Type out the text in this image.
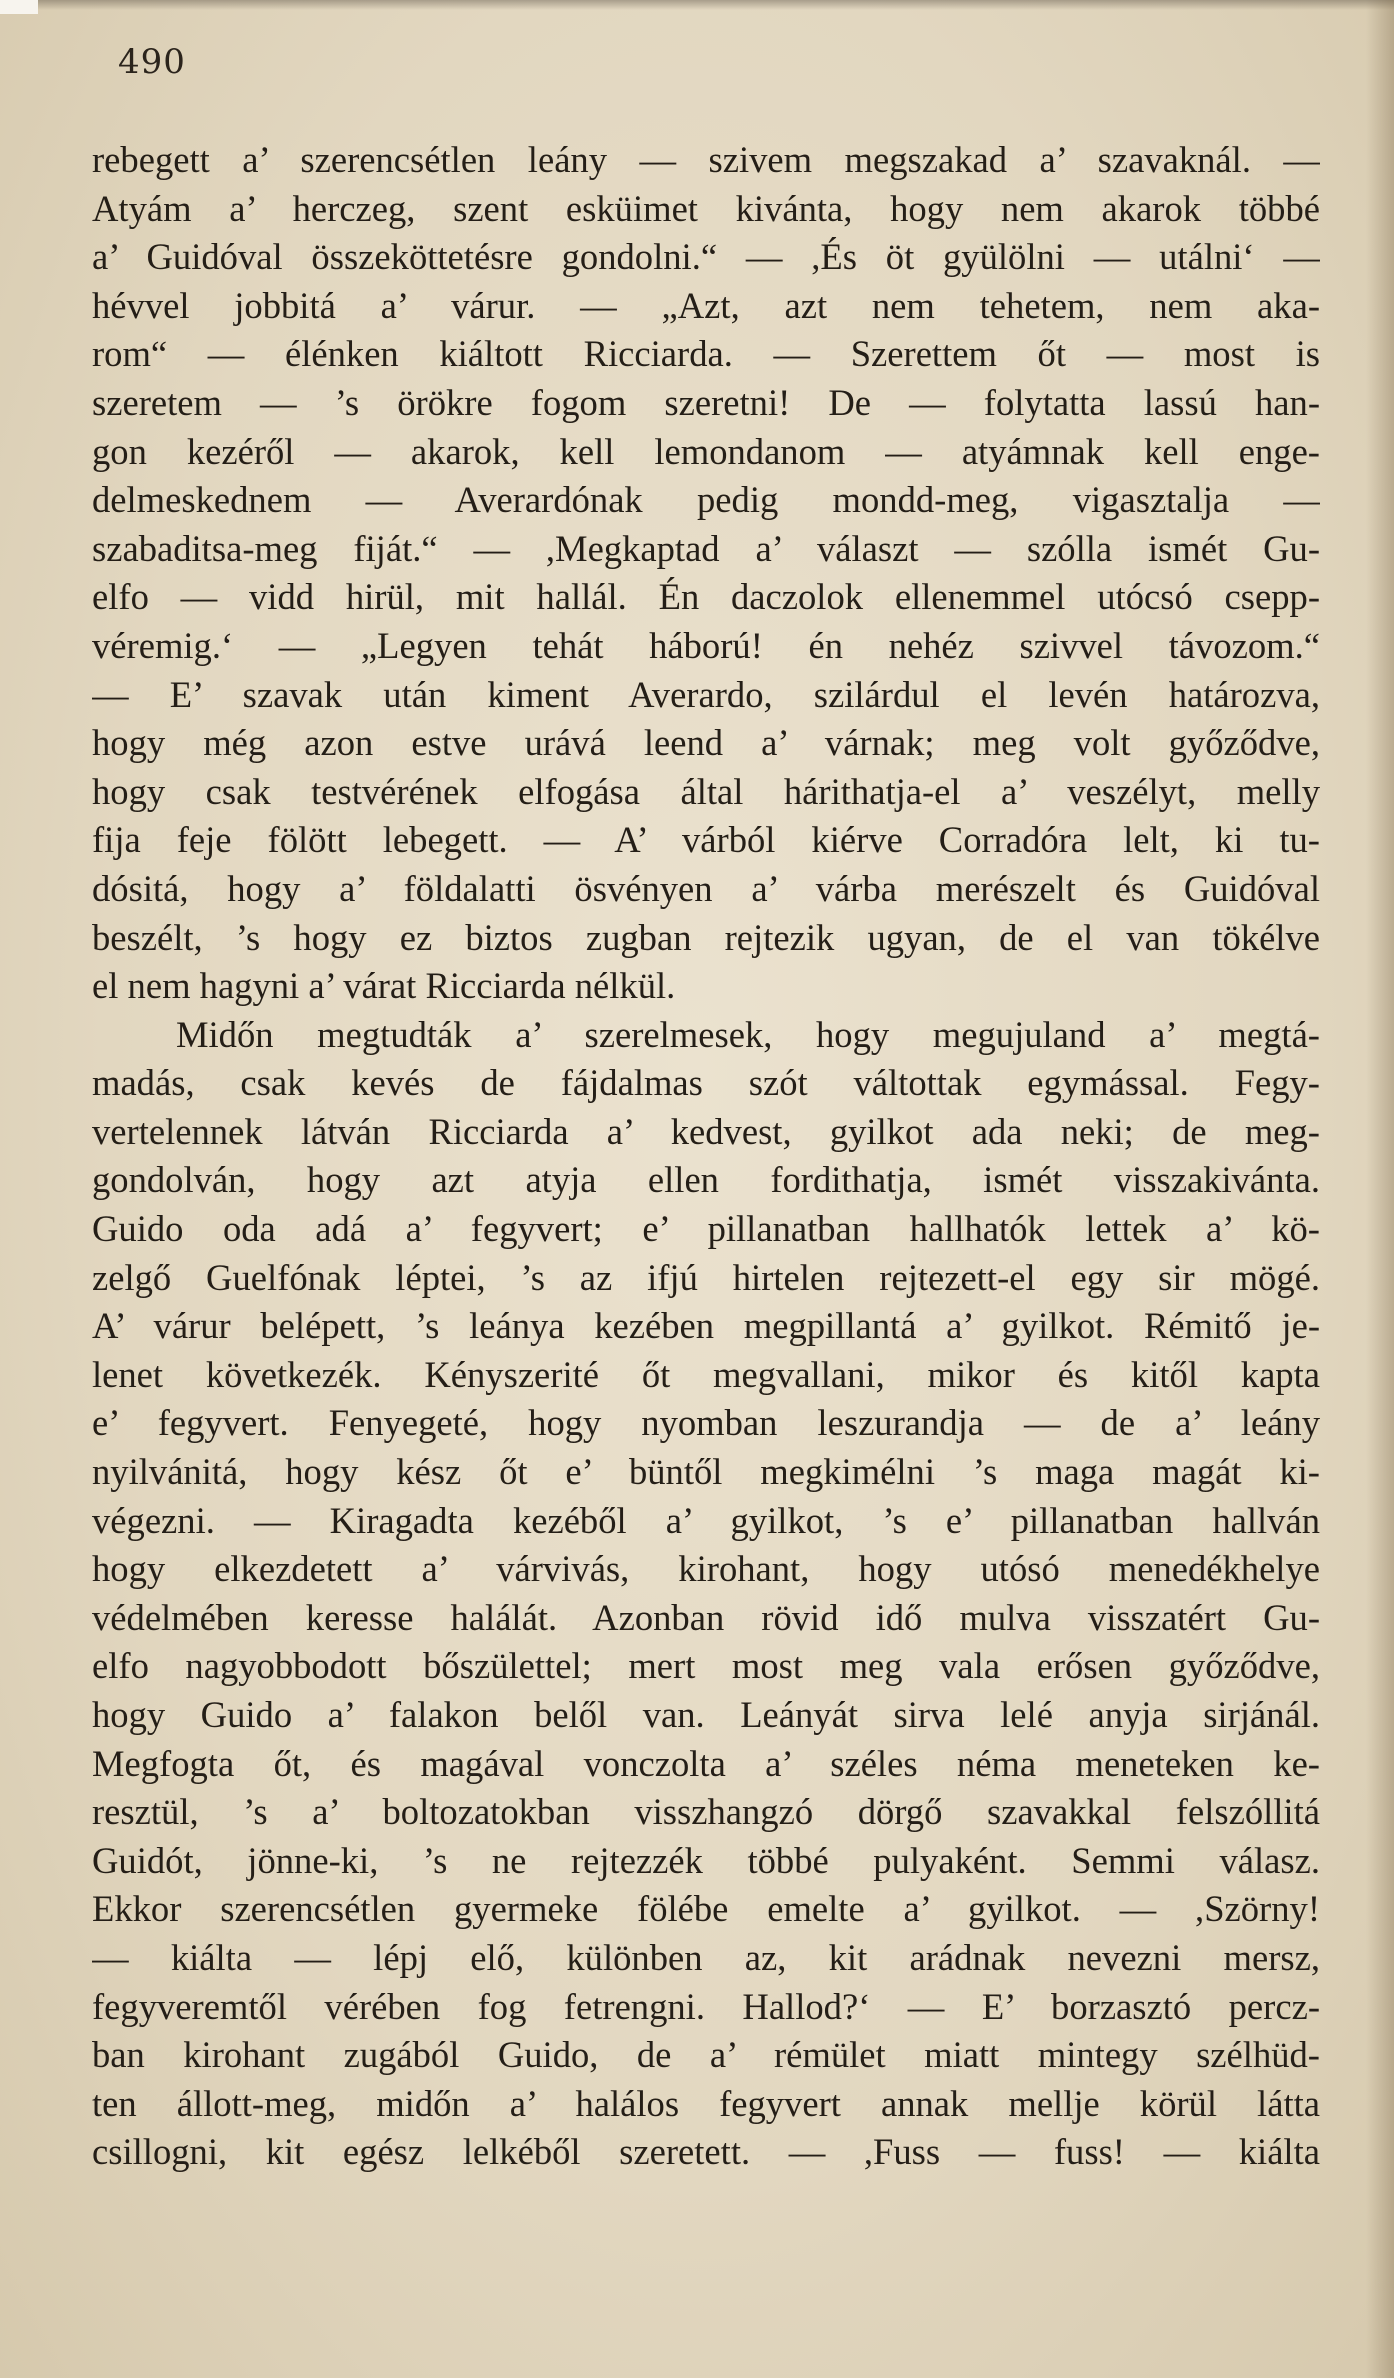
490
rebegett a’ szerencsétlen leány — szivem megszakad a’ szavaknál. —
Atyám a’ herczeg, szent esküimet kivánta, hogy nem akarok többé
a’ Guidóval összeköttetésre gondolni.“ — ,És öt gyülölni — utálni‘ —
hévvel jobbitá a’ várur. — „Azt, azt nem tehetem, nem aka-
rom“ — élénken kiáltott Ricciarda. — Szerettem őt — most is
szeretem — ’s örökre fogom szeretni! De — folytatta lassú han-
gon kezéről — akarok, kell lemondanom — atyámnak kell enge-
delmeskednem — Averardónak pedig mondd-meg, vigasztalja —
szabaditsa-meg fiját.“ — ,Megkaptad a’ választ — szólla ismét Gu-
elfo — vidd hirül, mit hallál. Én daczolok ellenemmel utócsó csepp-
véremig.‘ — „Legyen tehát háború! én nehéz szivvel távozom.“
— E’ szavak után kiment Averardo, szilárdul el levén határozva,
hogy még azon estve urává leend a’ várnak; meg volt győződve,
hogy csak testvérének elfogása által hárithatja-el a’ veszélyt, melly
fija feje fölött lebegett. — A’ várból kiérve Corradóra lelt, ki tu-
dósitá, hogy a’ földalatti ösvényen a’ várba merészelt és Guidóval
beszélt, ’s hogy ez biztos zugban rejtezik ugyan, de el van tökélve
el nem hagyni a’ várat Ricciarda nélkül.
Midőn megtudták a’ szerelmesek, hogy megujuland a’ megtá-
madás, csak kevés de fájdalmas szót váltottak egymással. Fegy-
vertelennek látván Ricciarda a’ kedvest, gyilkot ada neki; de meg-
gondolván, hogy azt atyja ellen fordithatja, ismét visszakivánta.
Guido oda adá a’ fegyvert; e’ pillanatban hallhatók lettek a’ kö-
zelgő Guelfónak léptei, ’s az ifjú hirtelen rejtezett-el egy sir mögé.
A’ várur belépett, ’s leánya kezében megpillantá a’ gyilkot. Rémitő je-
lenet következék. Kényszerité őt megvallani, mikor és kitől kapta
e’ fegyvert. Fenyegeté, hogy nyomban leszurandja — de a’ leány
nyilvánitá, hogy kész őt e’ büntől megkimélni ’s maga magát ki-
végezni. — Kiragadta kezéből a’ gyilkot, ’s e’ pillanatban hallván
hogy elkezdetett a’ várvivás, kirohant, hogy utósó menedékhelye
védelmében keresse halálát. Azonban rövid idő mulva visszatért Gu-
elfo nagyobbodott bőszülettel; mert most meg vala erősen győződve,
hogy Guido a’ falakon belől van. Leányát sirva lelé anyja sirjánál.
Megfogta őt, és magával vonczolta a’ széles néma meneteken ke-
resztül, ’s a’ boltozatokban visszhangzó dörgő szavakkal felszóllitá
Guidót, jönne-ki, ’s ne rejtezzék többé pulyaként. Semmi válasz.
Ekkor szerencsétlen gyermeke fölébe emelte a’ gyilkot. — ,Szörny!
— kiálta — lépj elő, különben az, kit arádnak nevezni mersz,
fegyveremtől vérében fog fetrengni. Hallod?‘ — E’ borzasztó percz-
ban kirohant zugából Guido, de a’ rémület miatt mintegy szélhüd-
ten állott-meg, midőn a’ halálos fegyvert annak mellje körül látta
csillogni, kit egész lelkéből szeretett. — ,Fuss — fuss! — kiálta
